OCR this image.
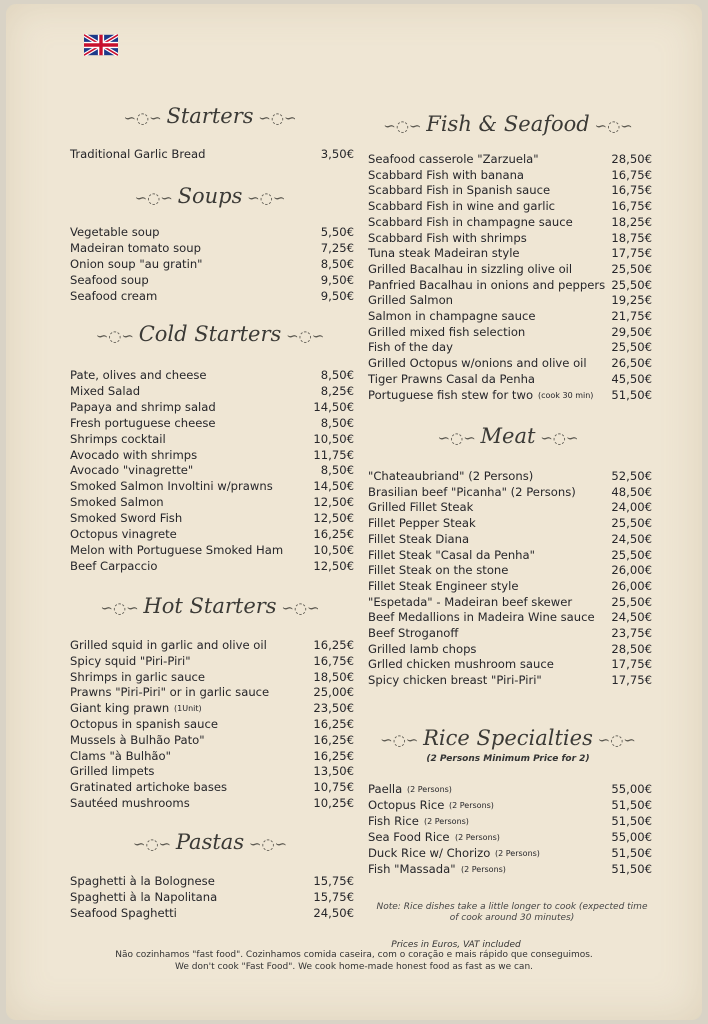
∽◌∽ Starters ∽◌∽
Traditional Garlic Bread	3,50€
∽◌∽ Soups ∽◌∽
Vegetable soup	5,50€
Madeiran tomato soup	7,25€
Onion soup "au gratin"	8,50€
Seafood soup	9,50€
Seafood cream	9,50€
∽◌∽ Cold Starters ∽◌∽
Pate, olives and cheese	8,50€
Mixed Salad	8,25€
Papaya and shrimp salad	14,50€
Fresh portuguese cheese	8,50€
Shrimps cocktail	10,50€
Avocado with shrimps	11,75€
Avocado "vinagrette"	8,50€
Smoked Salmon Involtini w/prawns	14,50€
Smoked Salmon	12,50€
Smoked Sword Fish	12,50€
Octopus vinagrete	16,25€
Melon with Portuguese Smoked Ham	10,50€
Beef Carpaccio	12,50€
∽◌∽ Hot Starters ∽◌∽
Grilled squid in garlic and olive oil	16,25€
Spicy squid "Piri-Piri"	16,75€
Shrimps in garlic sauce	18,50€
Prawns "Piri-Piri" or in garlic sauce	25,00€
Giant king prawn (1Unit)	23,50€
Octopus in spanish sauce	16,25€
Mussels à Bulhão Pato"	16,25€
Clams "à Bulhão"	16,25€
Grilled limpets	13,50€
Gratinated artichoke bases	10,75€
Sautéed mushrooms	10,25€
∽◌∽ Pastas ∽◌∽
Spaghetti à la Bolognese	15,75€
Spaghetti à la Napolitana	15,75€
Seafood Spaghetti	24,50€
∽◌∽ Fish & Seafood ∽◌∽
Seafood casserole "Zarzuela"	28,50€
Scabbard Fish with banana	16,75€
Scabbard Fish in Spanish sauce	16,75€
Scabbard Fish in wine and garlic	16,75€
Scabbard Fish in champagne sauce	18,25€
Scabbard Fish with shrimps	18,75€
Tuna steak Madeiran style	17,75€
Grilled Bacalhau in sizzling olive oil	25,50€
Panfried Bacalhau in onions and peppers 25,50€
Grilled Salmon	19,25€
Salmon in champagne sauce	21,75€
Grilled mixed fish selection	29,50€
Fish of the day	25,50€
Grilled Octopus w/onions and olive oil 26,50€
Tiger Prawns Casal da Penha	45,50€
Portuguese fish stew for two (cook 30 min) 51,50€
∽◌∽ Meat ∽◌∽
"Chateaubriand" (2 Persons)	52,50€
Brasilian beef "Picanha" (2 Persons)	48,50€
Grilled Fillet Steak	24,00€
Fillet Pepper Steak	25,50€
Fillet Steak Diana	24,50€
Fillet Steak "Casal da Penha"	25,50€
Fillet Steak on the stone	26,00€
Fillet Steak Engineer style	26,00€
"Espetada" - Madeiran beef skewer	25,50€
Beef Medallions in Madeira Wine sauce 24,50€
Beef Stroganoff	23,75€
Grilled lamb chops	28,50€
Grlled chicken mushroom sauce	17,75€
Spicy chicken breast "Piri-Piri"	17,75€
∽◌∽ Rice Specialties ∽◌∽
(2 Persons Minimum Price for 2)
Paella (2 Persons)	55,00€
Octopus Rice (2 Persons)	51,50€
Fish Rice (2 Persons)	51,50€
Sea Food Rice (2 Persons)	55,00€
Duck Rice w/ Chorizo (2 Persons)	51,50€
Fish "Massada" (2 Persons)	51,50€
Note: Rice dishes take a little longer to cook (expected time of cook around 30 minutes)
Prices in Euros, VAT included
Não cozinhamos "fast food". Cozinhamos comida caseira, com o coração e mais rápido que conseguimos.
We don't cook "Fast Food". We cook home-made honest food as fast as we can.
